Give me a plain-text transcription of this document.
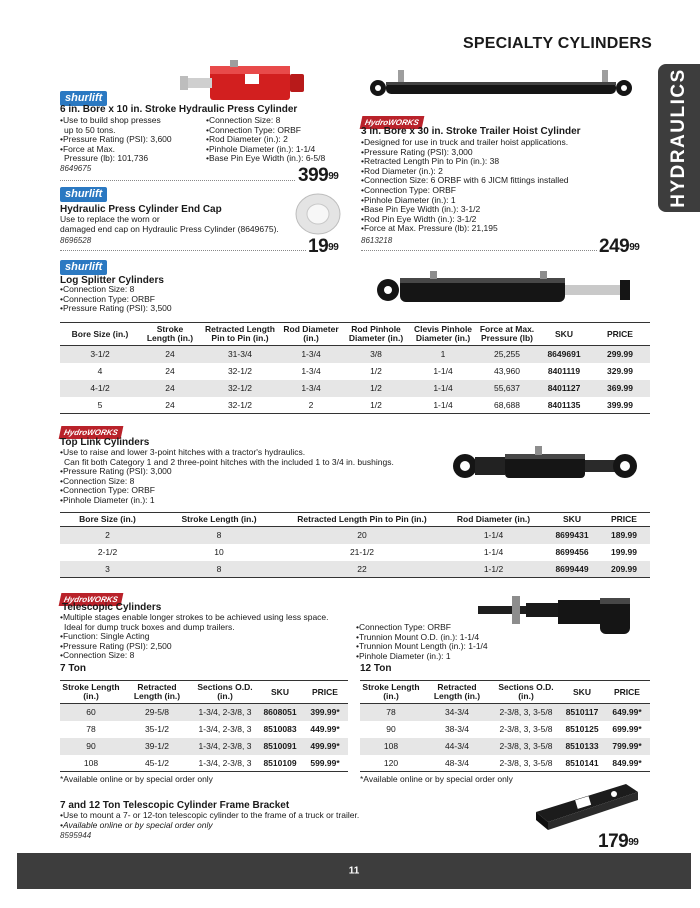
SPECIALTY CYLINDERS
HYDRAULICS
shurlift
6 in. Bore x 10 in. Stroke Hydraulic Press Cylinder
•Use to build shop presses
up to 50 tons.
•Pressure Rating (PSI): 3,600
•Force at Max.
Pressure (lb): 101,736
•Connection Size: 8
•Connection Type: ORBF
•Rod Diameter (in.): 2
•Pinhole Diameter (in.): 1-1/4
•Base Pin Eye Width (in.): 6-5/8
8649675	$399^{99}$
shurlift
Hydraulic Press Cylinder End Cap
Use to replace the worn or
damaged end cap on Hydraulic Press Cylinder (8649675).
8696528	$19^{99}$
HydroWORKS
3 in. Bore x 30 in. Stroke Trailer Hoist Cylinder
•Designed for use in truck and trailer hoist applications.
•Pressure Rating (PSI): 3,000
•Retracted Length Pin to Pin (in.): 38
•Rod Diameter (in.): 2
•Connection Size: 6 ORBF with 6 JICM fittings installed
•Connection Type: ORBF
•Pinhole Diameter (in.): 1
•Base Pin Eye Width (in.): 3-1/2
•Rod Pin Eye Width (in.): 3-1/2
•Force at Max. Pressure (lb): 21,195
8613218	$249^{99}$
shurlift
Log Splitter Cylinders
•Connection Size: 8
•Connection Type: ORBF
•Pressure Rating (PSI): 3,500
Bore Size (in.)	Stroke Length (in.)	Retracted Length Pin to Pin (in.)	Rod Diameter (in.)	Rod Pinhole Diameter (in.)	Clevis Pinhole Diameter (in.)	Force at Max. Pressure (lb)	SKU	PRICE
3-1/2	24	31-3/4	1-3/4	3/8	1	25,255	8649691	299.99
4	24	32-1/2	1-3/4	1/2	1-1/4	43,960	8401119	329.99
4-1/2	24	32-1/2	1-3/4	1/2	1-1/4	55,637	8401127	369.99
5	24	32-1/2	2	1/2	1-1/4	68,688	8401135	399.99
HydroWORKS
Top Link Cylinders
•Use to raise and lower 3-point hitches with a tractor's hydraulics.
Can fit both Category 1 and 2 three-point hitches with the included 1 to 3/4 in. bushings.
•Pressure Rating (PSI): 3,000
•Connection Size: 8
•Connection Type: ORBF
•Pinhole Diameter (in.): 1
Bore Size (in.)	Stroke Length (in.)	Retracted Length Pin to Pin (in.)	Rod Diameter (in.)	SKU	PRICE
2	8	20	1-1/4	8699431	189.99
2-1/2	10	21-1/2	1-1/4	8699456	199.99
3	8	22	1-1/2	8699449	209.99
HydroWORKS
Telescopic Cylinders
•Multiple stages enable longer strokes to be achieved using less space.
Ideal for dump truck boxes and dump trailers.
•Function: Single Acting
•Pressure Rating (PSI): 2,500
•Connection Size: 8
•Connection Type: ORBF
•Trunnion Mount O.D. (in.): 1-1/4
•Trunnion Mount Length (in.): 1-1/4
•Pinhole Diameter (in.): 1
7 Ton	12 Ton
Stroke Length (in.)	Retracted Length (in.)	Sections O.D. (in.)	SKU	PRICE
60	29-5/8	1-3/4, 2-3/8, 3	8608051	399.99*
78	35-1/2	1-3/4, 2-3/8, 3	8510083	449.99*
90	39-1/2	1-3/4, 2-3/8, 3	8510091	499.99*
108	45-1/2	1-3/4, 2-3/8, 3	8510109	599.99*
Stroke Length (in.)	Retracted Length (in.)	Sections O.D. (in.)	SKU	PRICE
78	34-3/4	2-3/8, 3, 3-5/8	8510117	649.99*
90	38-3/4	2-3/8, 3, 3-5/8	8510125	699.99*
108	44-3/4	2-3/8, 3, 3-5/8	8510133	799.99*
120	48-3/4	2-3/8, 3, 3-5/8	8510141	849.99*
*Available online or by special order only	*Available online or by special order only
7 and 12 Ton Telescopic Cylinder Frame Bracket
•Use to mount a 7- or 12-ton telescopic cylinder to the frame of a truck or trailer.
•Available online or by special order only
8595944	$179^{99}$
11
